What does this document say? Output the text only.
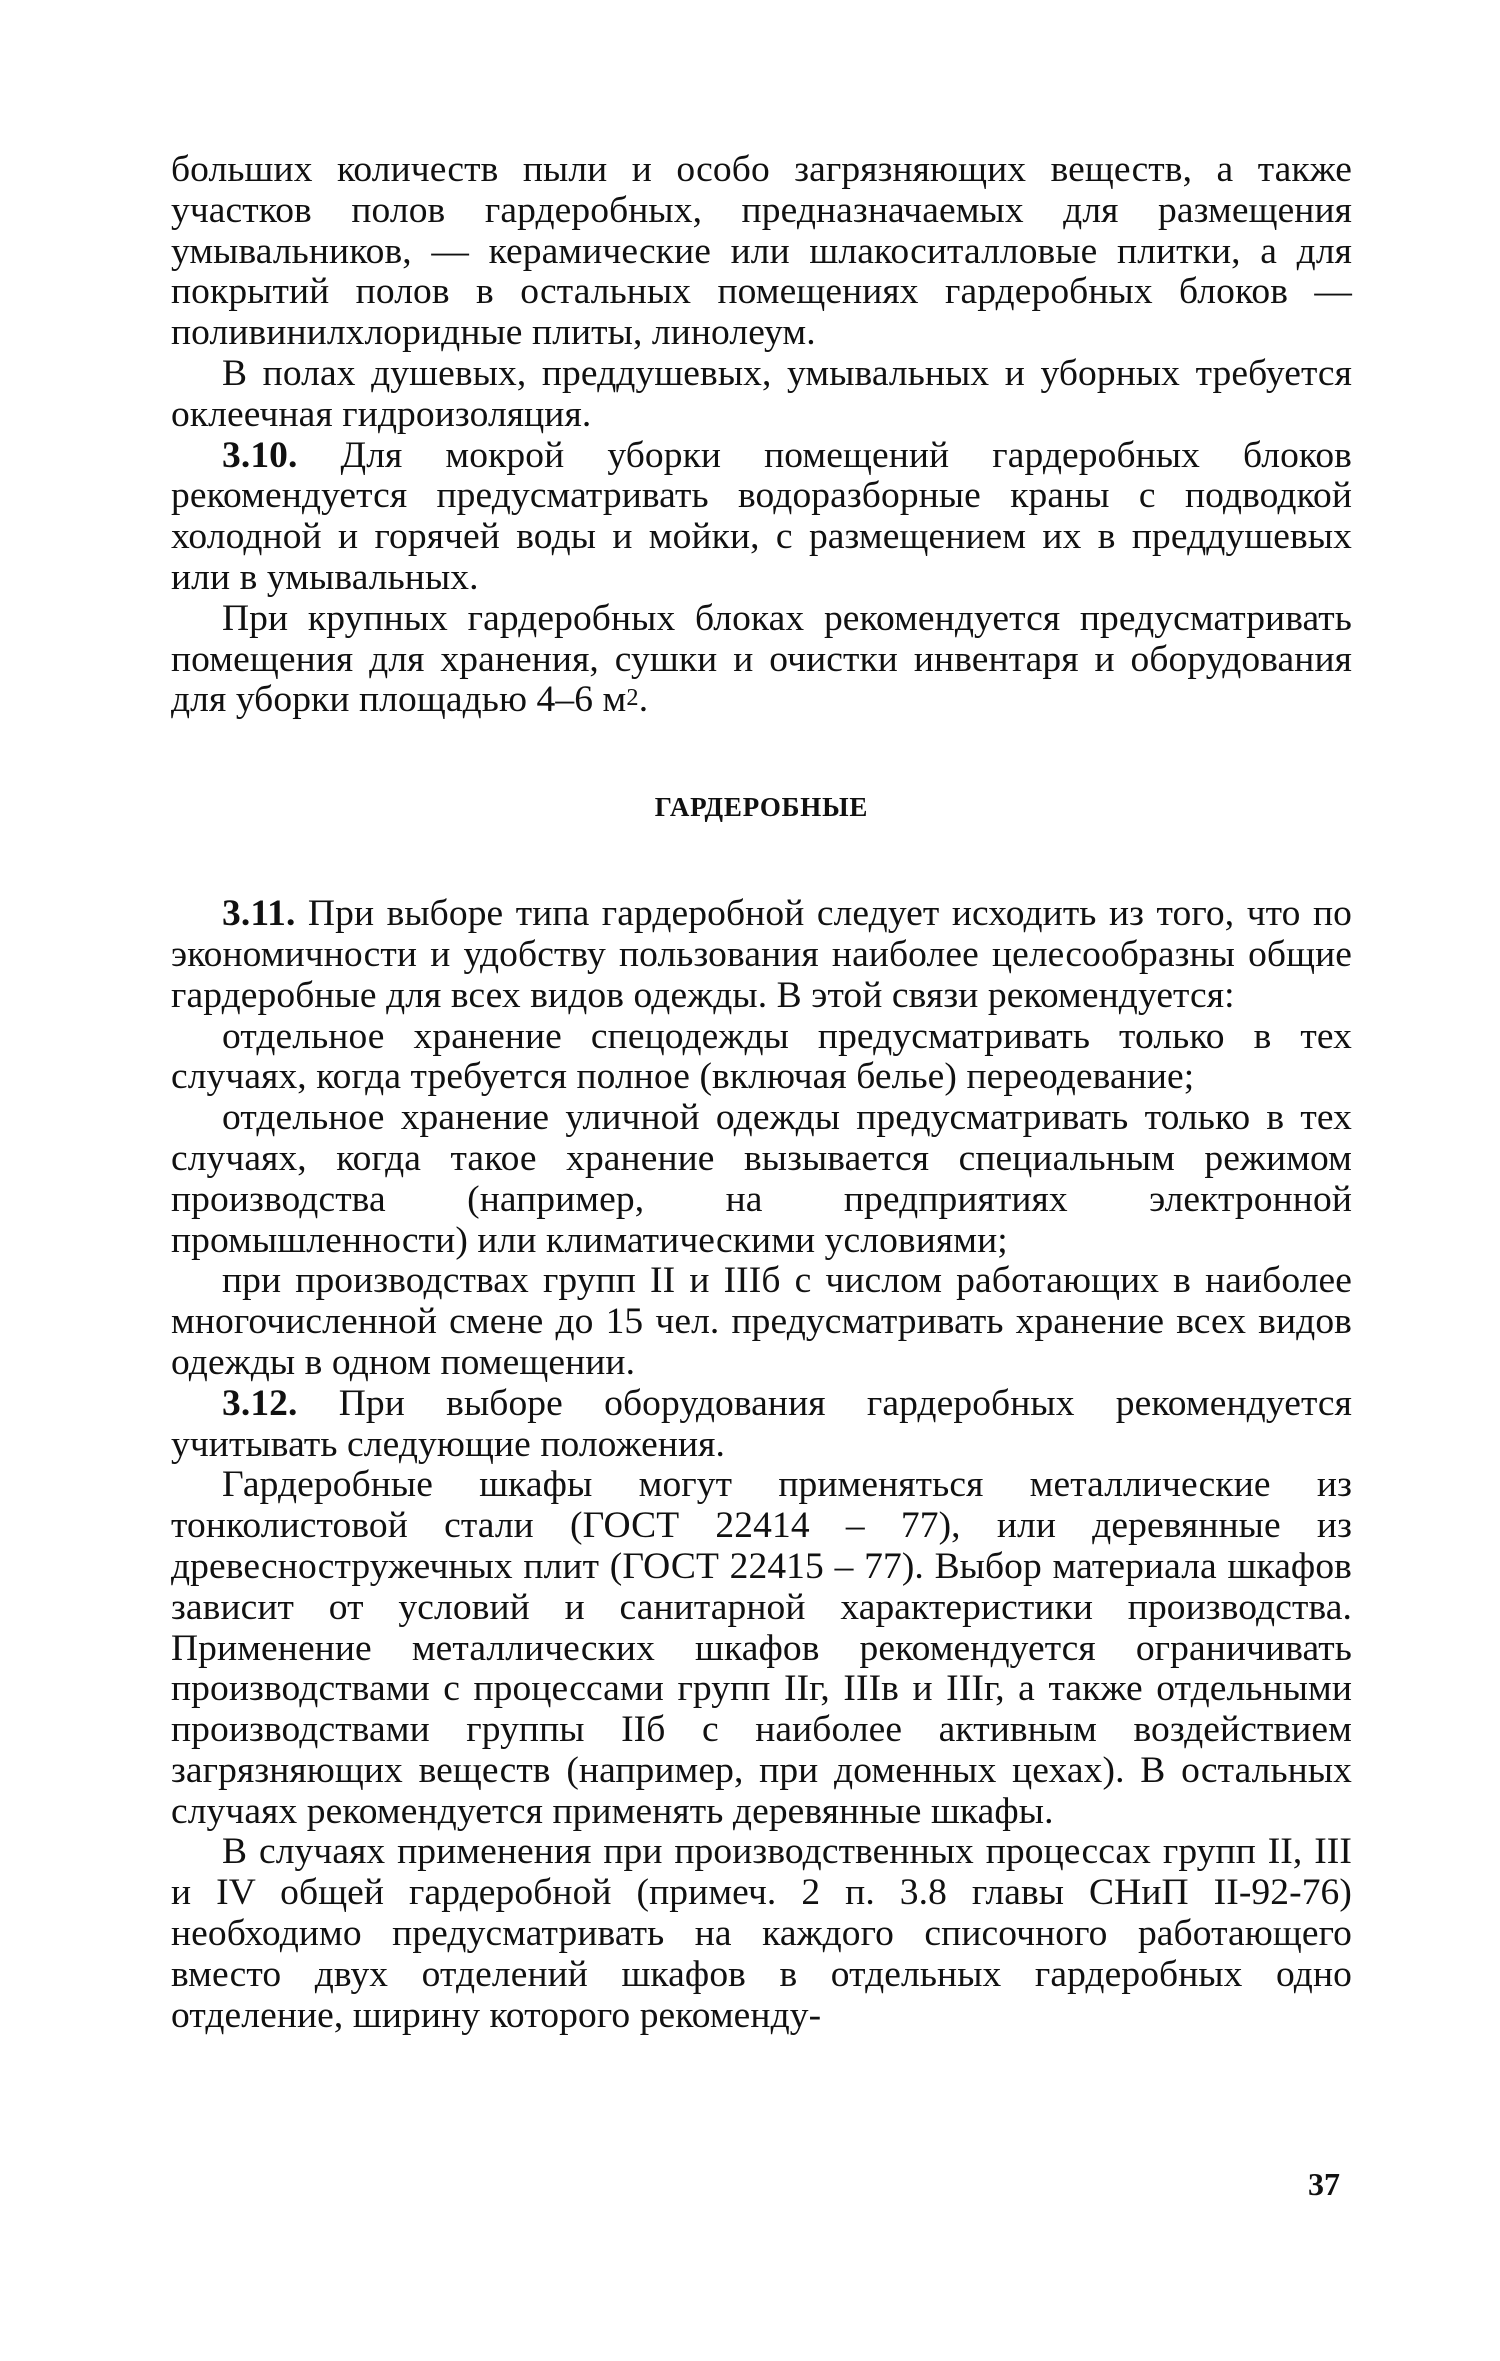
больших количеств пыли и особо загрязняющих веществ, а также участков полов гардеробных, предназначаемых для размещения умывальников, — керамические или шлакоситалловые плитки, а для покрытий полов в остальных помещениях гардеробных блоков — поливинилхлоридные плиты, линолеум.

В полах душевых, преддушевых, умывальных и уборных требуется оклеечная гидроизоляция.

3.10. Для мокрой уборки помещений гардеробных блоков рекомендуется предусматривать водоразборные краны с подводкой холодной и горячей воды и мойки, с размещением их в преддушевых или в умывальных.

При крупных гардеробных блоках рекомендуется предусматривать помещения для хранения, сушки и очистки инвентаря и оборудования для уборки площадью 4–6 $м^2$.

ГАРДЕРОБНЫЕ

3.11. При выборе типа гардеробной следует исходить из того, что по экономичности и удобству пользования наиболее целесообразны общие гардеробные для всех видов одежды. В этой связи рекомендуется:

отдельное хранение спецодежды предусматривать только в тех случаях, когда требуется полное (включая белье) переодевание;

отдельное хранение уличной одежды предусматривать только в тех случаях, когда такое хранение вызывается специальным режимом производства (например, на предприятиях электронной промышленности) или климатическими условиями;

при производствах групп II и IIIб с числом работающих в наиболее многочисленной смене до 15 чел. предусматривать хранение всех видов одежды в одном помещении.

3.12. При выборе оборудования гардеробных рекомендуется учитывать следующие положения.

Гардеробные шкафы могут применяться металлические из тонколистовой стали (ГОСТ 22414 – 77), или деревянные из древесностружечных плит (ГОСТ 22415 – 77). Выбор материала шкафов зависит от условий и санитарной характеристики производства. Применение металлических шкафов рекомендуется ограничивать производствами с процессами групп IIг, IIIв и IIIг, а также отдельными производствами группы IIб с наиболее активным воздействием загрязняющих веществ (например, при доменных цехах). В остальных случаях рекомендуется применять деревянные шкафы.

В случаях применения при производственных процессах групп II, III и IV общей гардеробной (примеч. 2 п. 3.8 главы СНиП II-92-76) необходимо предусматривать на каждого списочного работающего вместо двух отделений шкафов в отдельных гардеробных одно отделение, ширину которого рекоменду-

37
